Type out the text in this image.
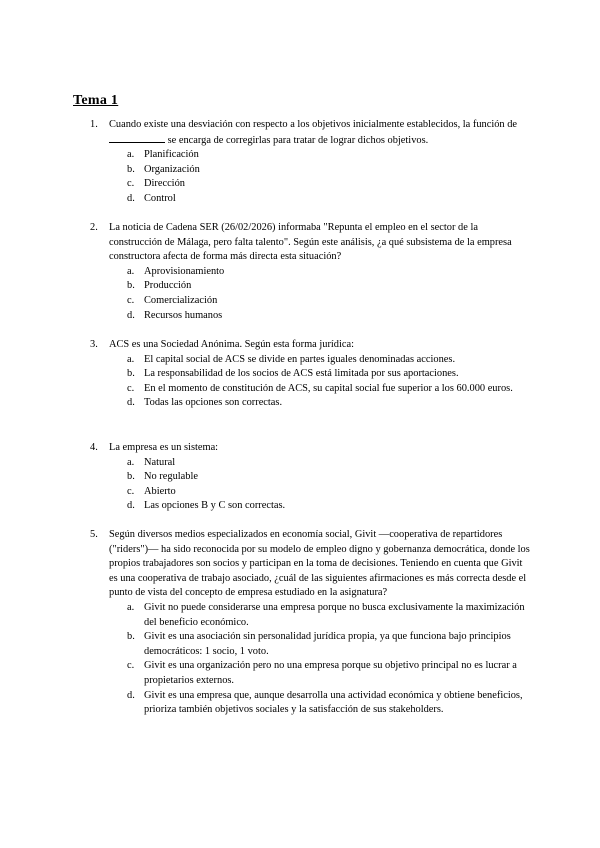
Tema 1
1. Cuando existe una desviación con respecto a los objetivos inicialmente establecidos, la función de  se encarga de corregirlas para tratar de lograr dichos objetivos.
a. Planificación
b. Organización
c. Dirección
d. Control
2. La noticia de Cadena SER (26/02/2026) informaba "Repunta el empleo en el sector de la construcción de Málaga, pero falta talento". Según este análisis, ¿a qué subsistema de la empresa constructora afecta de forma más directa esta situación?
a. Aprovisionamiento
b. Producción
c. Comercialización
d. Recursos humanos
3. ACS es una Sociedad Anónima. Según esta forma jurídica:
a. El capital social de ACS se divide en partes iguales denominadas acciones.
b. La responsabilidad de los socios de ACS está limitada por sus aportaciones.
c. En el momento de constitución de ACS, su capital social fue superior a los 60.000 euros.
d. Todas las opciones son correctas.
4. La empresa es un sistema:
a. Natural
b. No regulable
c. Abierto
d. Las opciones B y C son correctas.
5. Según diversos medios especializados en economía social, Givit —cooperativa de repartidores ("riders")— ha sido reconocida por su modelo de empleo digno y gobernanza democrática, donde los propios trabajadores son socios y participan en la toma de decisiones. Teniendo en cuenta que Givit es una cooperativa de trabajo asociado, ¿cuál de las siguientes afirmaciones es más correcta desde el punto de vista del concepto de empresa estudiado en la asignatura?
a. Givit no puede considerarse una empresa porque no busca exclusivamente la maximización del beneficio económico.
b. Givit es una asociación sin personalidad jurídica propia, ya que funciona bajo principios democráticos: 1 socio, 1 voto.
c. Givit es una organización pero no una empresa porque su objetivo principal no es lucrar a propietarios externos.
d. Givit es una empresa que, aunque desarrolla una actividad económica y obtiene beneficios, prioriza también objetivos sociales y la satisfacción de sus stakeholders.
